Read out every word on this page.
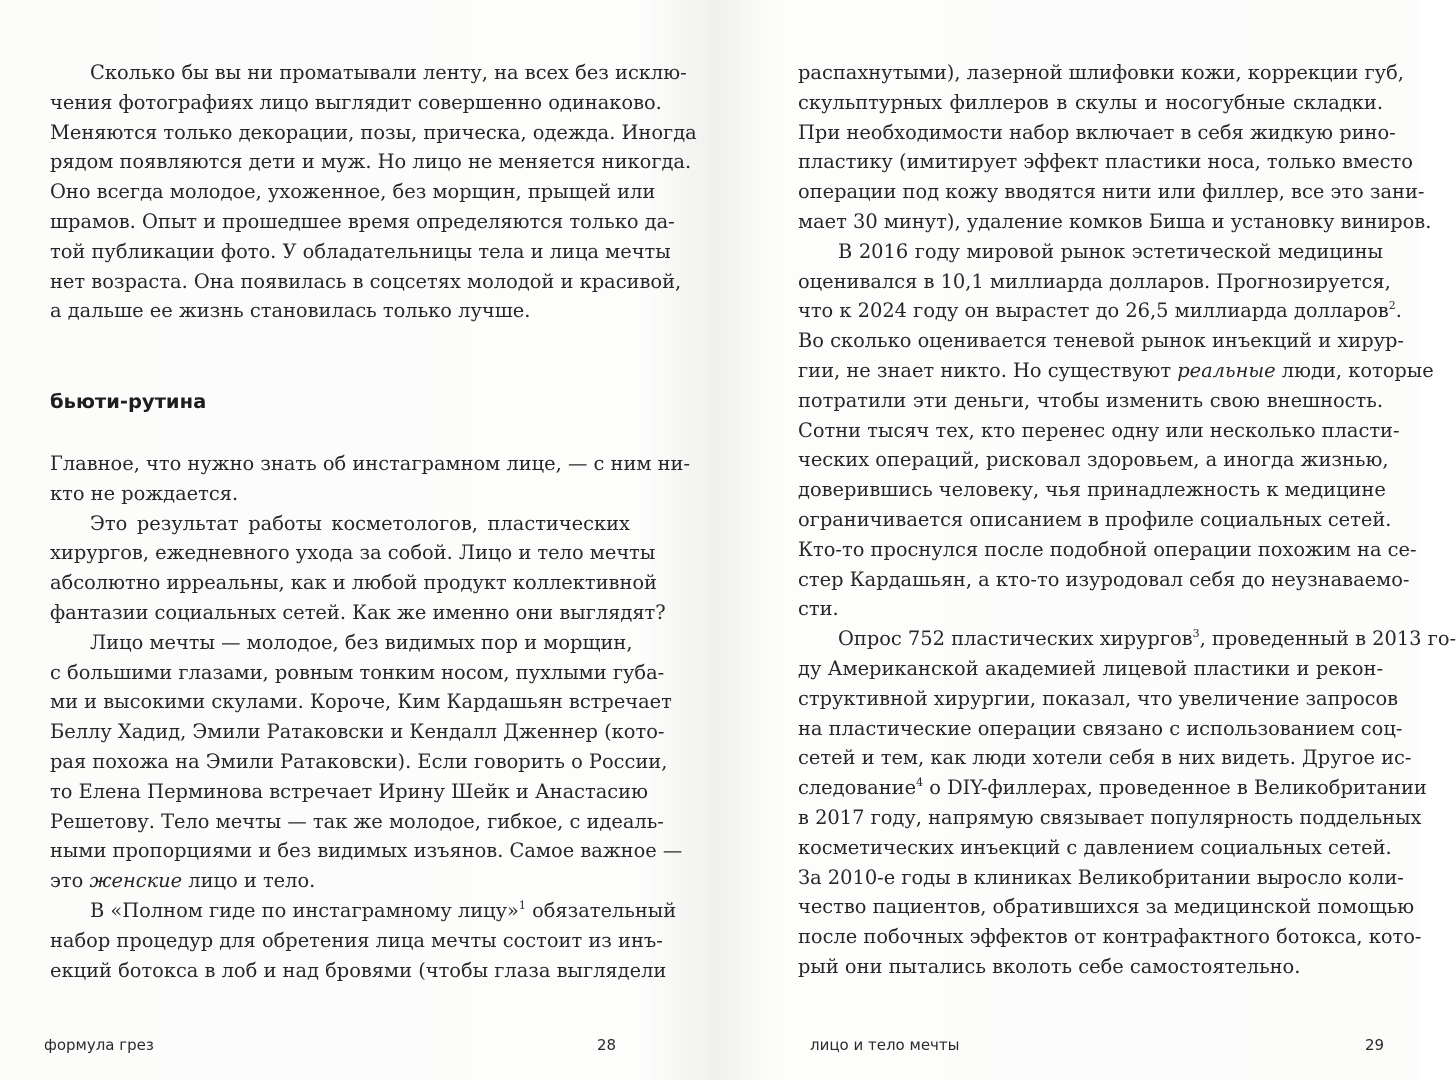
Сколько бы вы ни проматывали ленту, на всех без исклю-
чения фотографиях лицо выглядит совершенно одинаково.
Меняются только декорации, позы, прическа, одежда. Иногда
рядом появляются дети и муж. Но лицо не меняется никогда.
Оно всегда молодое, ухоженное, без морщин, прыщей или
шрамов. Опыт и прошедшее время определяются только да-
той публикации фото. У обладательницы тела и лица мечты
нет возраста. Она появилась в соцсетях молодой и красивой,
а дальше ее жизнь становилась только лучше.
бьюти-рутина
Главное, что нужно знать об инстаграмном лице, — с ним ни-
кто не рождается.
Это результат работы косметологов, пластических
хирургов, ежедневного ухода за собой. Лицо и тело мечты
абсолютно ирреальны, как и любой продукт коллективной
фантазии социальных сетей. Как же именно они выглядят?
Лицо мечты — молодое, без видимых пор и морщин,
с большими глазами, ровным тонким носом, пухлыми губа-
ми и высокими скулами. Короче, Ким Кардашьян встречает
Беллу Хадид, Эмили Ратаковски и Кендалл Дженнер (кото-
рая похожа на Эмили Ратаковски). Если говорить о России,
то Елена Перминова встречает Ирину Шейк и Анастасию
Решетову. Тело мечты — так же молодое, гибкое, с идеаль-
ными пропорциями и без видимых изъянов. Самое важное —
это женские лицо и тело.
В «Полном гиде по инстаграмному лицу»$^1$ обязательный
набор процедур для обретения лица мечты состоит из инъ-
екций ботокса в лоб и над бровями (чтобы глаза выглядели
формула грез	28
распахнутыми), лазерной шлифовки кожи, коррекции губ,
скульптурных филлеров в скулы и носогубные складки.
При необходимости набор включает в себя жидкую рино-
пластику (имитирует эффект пластики носа, только вместо
операции под кожу вводятся нити или филлер, все это зани-
мает 30 минут), удаление комков Биша и установку виниров.
В 2016 году мировой рынок эстетической медицины
оценивался в 10,1 миллиарда долларов. Прогнозируется,
что к 2024 году он вырастет до 26,5 миллиарда долларов$^2$.
Во сколько оценивается теневой рынок инъекций и хирур-
гии, не знает никто. Но существуют реальные люди, которые
потратили эти деньги, чтобы изменить свою внешность.
Сотни тысяч тех, кто перенес одну или несколько пласти-
ческих операций, рисковал здоровьем, а иногда жизнью,
доверившись человеку, чья принадлежность к медицине
ограничивается описанием в профиле социальных сетей.
Кто-то проснулся после подобной операции похожим на се-
стер Кардашьян, а кто-то изуродовал себя до неузнаваемо-
сти.
Опрос 752 пластических хирургов$^3$, проведенный в 2013 го-
ду Американской академией лицевой пластики и рекон-
структивной хирургии, показал, что увеличение запросов
на пластические операции связано с использованием соц-
сетей и тем, как люди хотели себя в них видеть. Другое ис-
следование$^4$ о DIY-филлерах, проведенное в Великобритании
в 2017 году, напрямую связывает популярность поддельных
косметических инъекций с давлением социальных сетей.
За 2010-е годы в клиниках Великобритании выросло коли-
чество пациентов, обратившихся за медицинской помощью
после побочных эффектов от контрафактного ботокса, кото-
рый они пытались вколоть себе самостоятельно.
лицо и тело мечты	29
